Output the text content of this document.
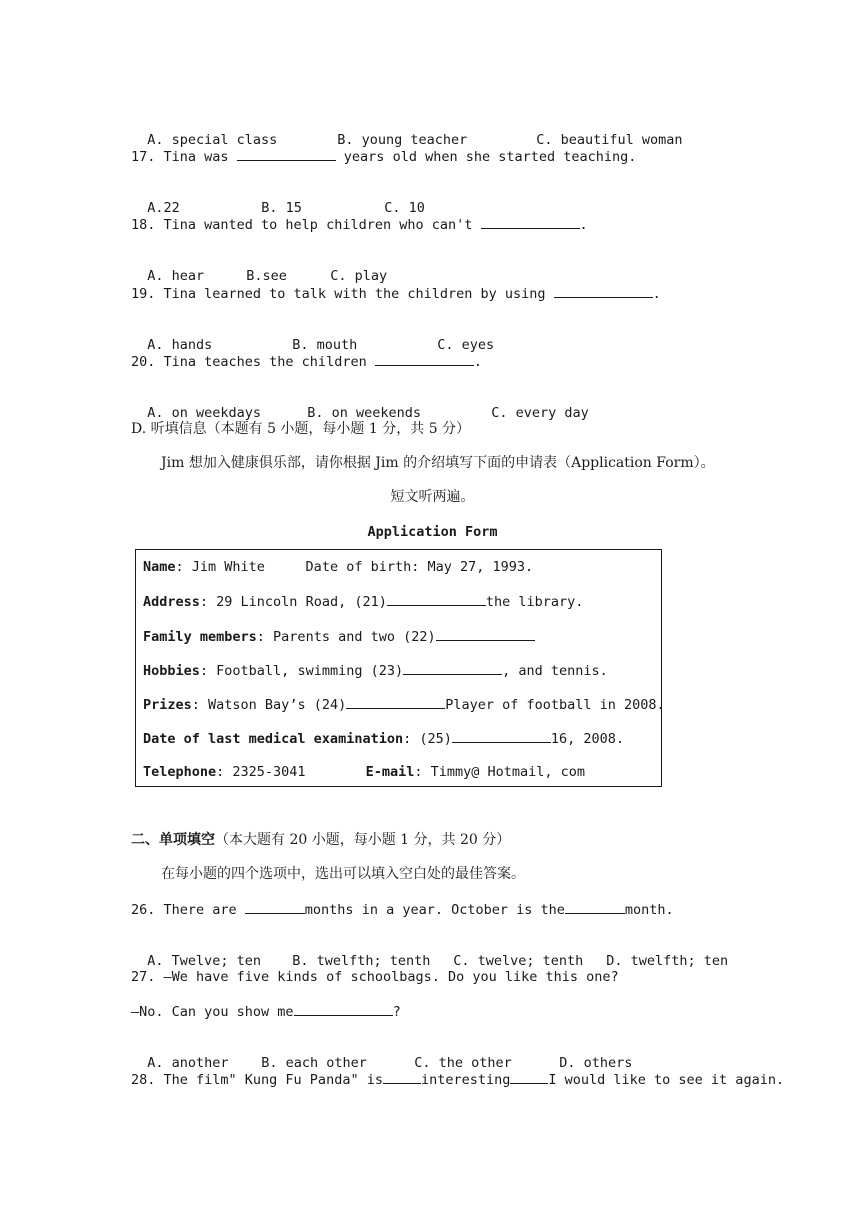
A. special class	B. young teacher	C. beautiful woman

17. Tina was	years old when she started teaching.

A.22	B. 15	C. 10

18. Tina wanted to help children who can't	.

A. hear	B.see	C. play

19. Tina learned to talk with the children by using	.

A. hands	B. mouth	C. eyes

20. Tina teaches the children	.

A. on weekdays	B. on weekends	C. every day

D. 听填信息（本题有 5 小题，每小题 1 分，共 5 分）
Jim 想加入健康俱乐部，请你根据 Jim 的介绍填写下面的申请表（Application Form）。
短文听两遍。
Application Form
Name: Jim White     Date of birth: May 27, 1993.
Address: 29 Lincoln Road, (21)	the library.
Family members: Parents and two (22)
Hobbies: Football, swimming (23)	, and tennis.
Prizes: Watson Bay’s (24)	Player of football in 2008.
Date of last medical examination: (25)	16, 2008.
Telephone: 2325-3041	E-mail: Timmy@ Hotmail, com
二、单项填空（本大题有 20 小题，每小题 1 分，共 20 分）
在每小题的四个选项中，选出可以填入空白处的最佳答案。
26. There are	months in a year. October is the	month.

A. Twelve; ten B. twelfth; tenth C. twelve; tenth D. twelfth; ten

27. —We have five kinds of schoolbags. Do you like this one?
—No. Can you show me	?

A. another B. each other	C. the other	D. others

28. The film" Kung Fu Panda" is	interesting	I would like to see it again.
